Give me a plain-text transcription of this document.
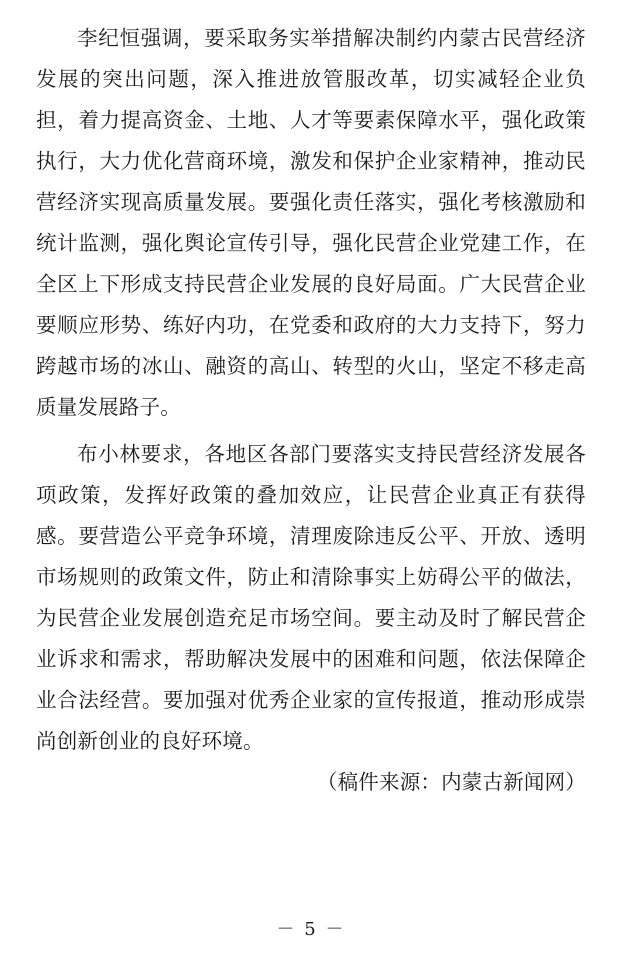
李纪恒强调，要采取务实举措解决制约内蒙古民营经济发展的突出问题，深入推进放管服改革，切实减轻企业负担，着力提高资金、土地、人才等要素保障水平，强化政策执行，大力优化营商环境，激发和保护企业家精神，推动民营经济实现高质量发展。要强化责任落实，强化考核激励和统计监测，强化舆论宣传引导，强化民营企业党建工作，在全区上下形成支持民营企业发展的良好局面。广大民营企业要顺应形势、练好内功，在党委和政府的大力支持下，努力跨越市场的冰山、融资的高山、转型的火山，坚定不移走高质量发展路子。

布小林要求，各地区各部门要落实支持民营经济发展各项政策，发挥好政策的叠加效应，让民营企业真正有获得感。要营造公平竞争环境，清理废除违反公平、开放、透明市场规则的政策文件，防止和清除事实上妨碍公平的做法，为民营企业发展创造充足市场空间。要主动及时了解民营企业诉求和需求，帮助解决发展中的困难和问题，依法保障企业合法经营。要加强对优秀企业家的宣传报道，推动形成崇尚创新创业的良好环境。

（稿件来源：内蒙古新闻网）
－ 5 －
